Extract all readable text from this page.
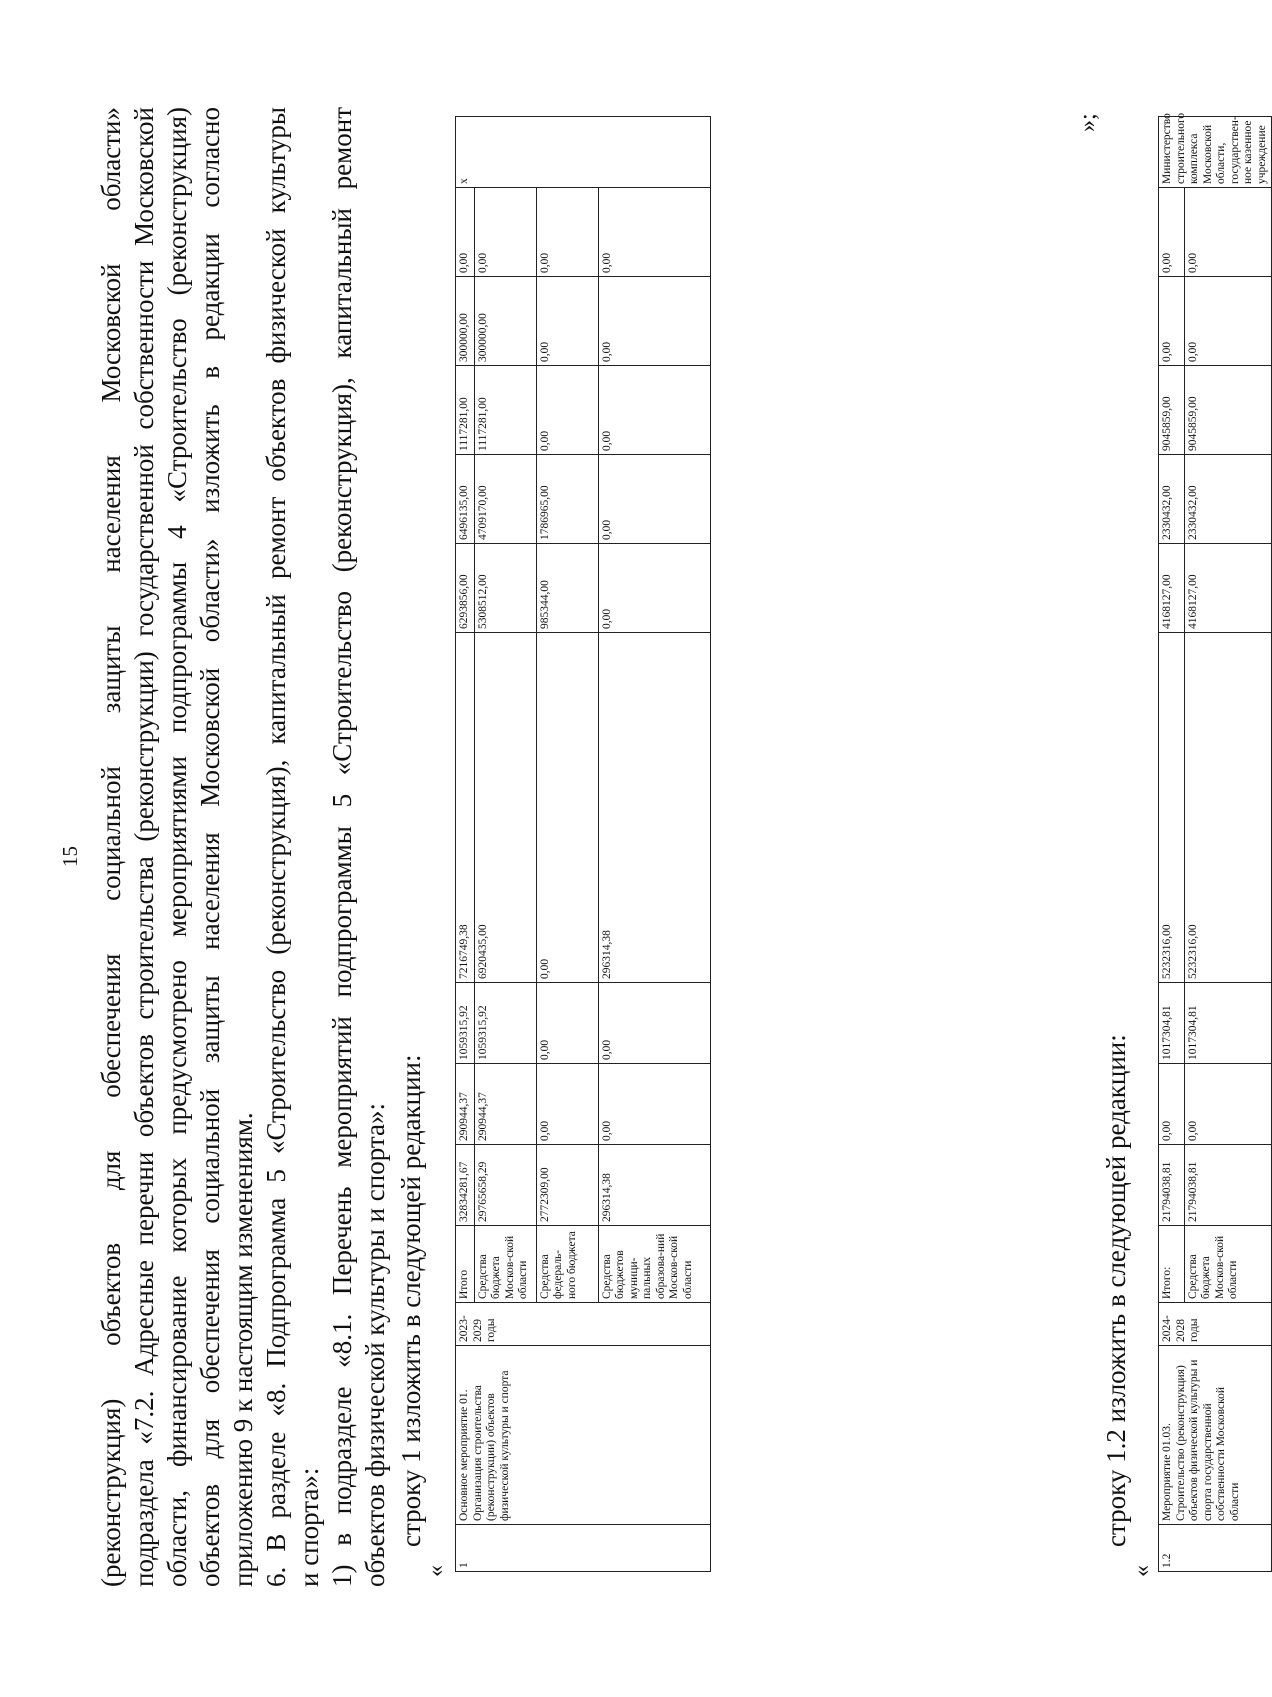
15 (реконструкция) объектов для обеспечения социальной защиты населения Московской области» подраздела «7.2. Адресные перечни объектов строительства (реконструкции) государственной собственности Московской области, финансирование которых предусмотрено мероприятиями подпрограммы 4 «Строительство (реконструкция) объектов для обеспечения социальной защиты населения Московской области» изложить в редакции согласно приложению 9 к настоящим изменениям. 6. В разделе «8. Подпрограмма 5 «Строительство (реконструкция), капитальный ремонт объектов физической культуры и спорта»: 1) в подразделе «8.1. Перечень мероприятий подпрограммы 5 «Строительство (реконструкция), капитальный ремонт объектов физической культуры и спорта»: строку 1 изложить в следующей редакции:
« 1	Основное мероприятие 01. Организация строительства (реконструкции) объектов физической культуры и спорта	2023-2029 годы	Итого	32834281,67	290944,37	1059315,92	7216749,38	6293856,00	6496135,00	1117281,00	300000,00	0,00	x
			Средства бюджета Москов-ской области	29765658,29	290944,37	1059315,92	6920435,00	5308512,00	4709170,00	1117281,00	300000,00	0,00	
			Средства федераль-ного бюджета	2772309,00	0,00	0,00	0,00	985344,00	1786965,00	0,00	0,00	0,00	
			Средства бюджетов муници-пальных образова-ний Москов-ской области	296314,38	0,00	0,00	296314,38	0,00	0,00	0,00	0,00	0,00	
»;
строку 1.2 изложить в следующей редакции:
«
1.2	Мероприятие 01.03. Строительство (реконструкция) объектов физической культуры и спорта государственной собственности Московской области	2024-2028 годы	Итого:	21794038,81	0,00	1017304,81	5232316,00	4168127,00	2330432,00	9045859,00	0,00	0,00	Министерство строительного комплекса Московской области, государствен-ное казенное учреждение
			Средства бюджета Москов-ской области	21794038,81	0,00	1017304,81	5232316,00	4168127,00	2330432,00	9045859,00	0,00	0,00	
